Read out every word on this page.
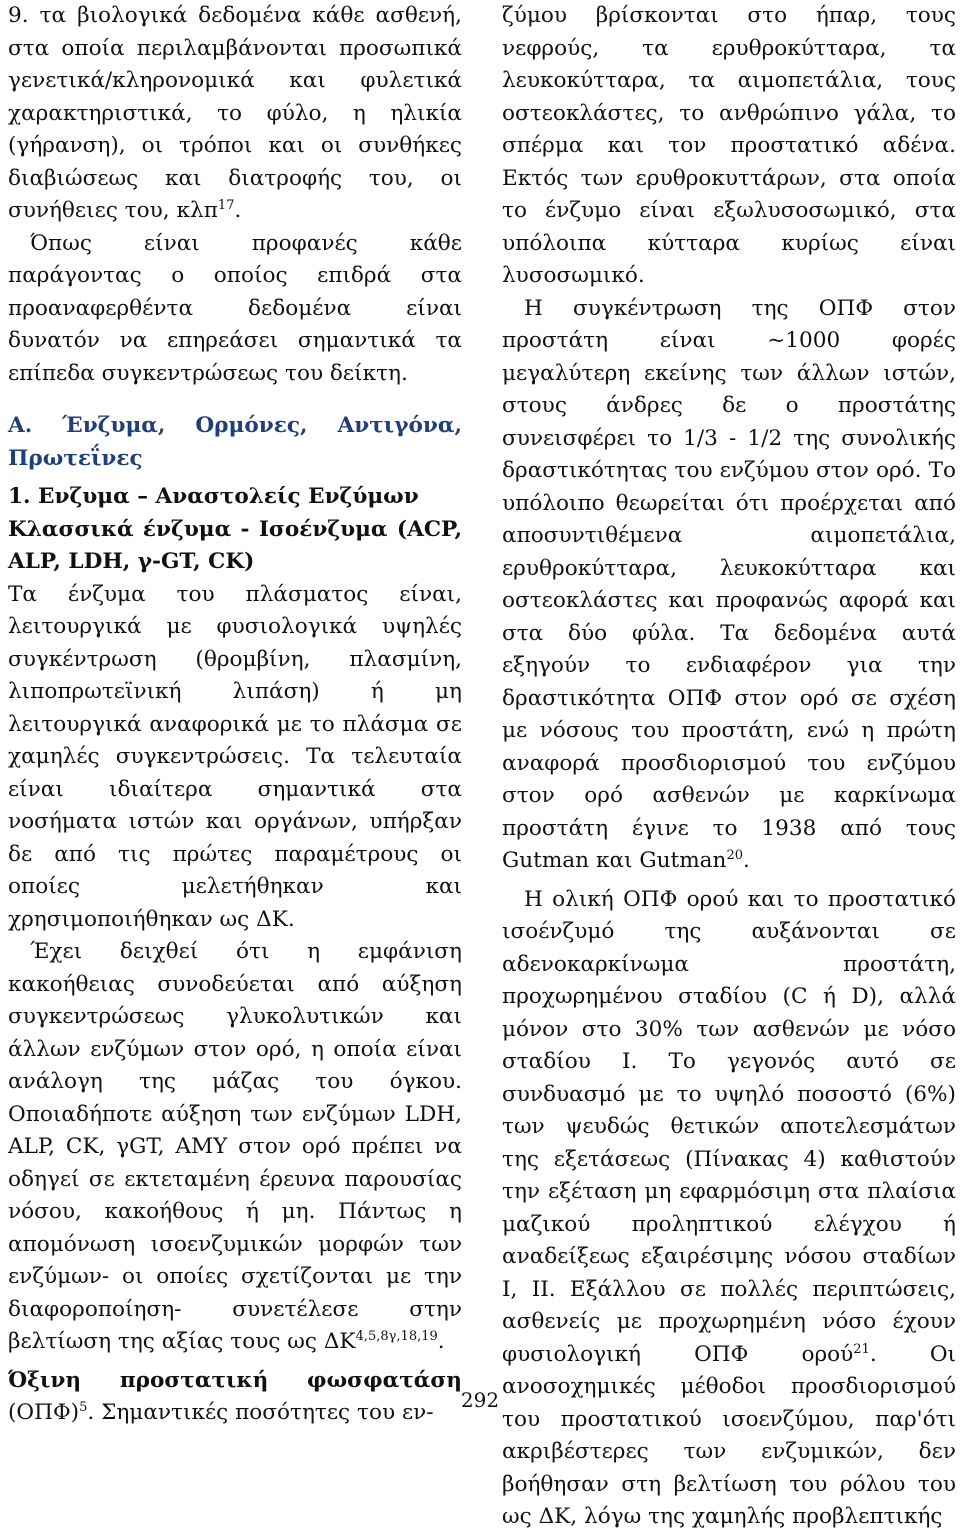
9. τα βιολογικά δεδομένα κάθε ασθενή, στα οποία περιλαμβάνονται προσωπικά γενετικά/κληρονομικά και φυλετικά χαρακτηριστικά, το φύλο, η ηλικία (γήρανση), οι τρόποι και οι συνθήκες διαβιώσεως και διατροφής του, οι συνήθειες του, κλπ$^{17}$.

Όπως είναι προφανές κάθε παράγοντας ο οποίος επιδρά στα προαναφερθέντα δεδομένα είναι δυνατόν να επηρεάσει σημαντικά τα επίπεδα συγκεντρώσεως του δείκτη.

Α. Ένζυμα, Ορμόνες, Αντιγόνα, Πρωτεΐνες

1. Ενζυμα – Αναστολείς Ενζύμων

Κλασσικά ένζυμα - Ισοένζυμα (ACP, ALP, LDH, γ-GT, CK)

Τα ένζυμα του πλάσματος είναι, λειτουργικά με φυσιολογικά υψηλές συγκέντρωση (θρομβίνη, πλασμίνη, λιποπρωτεϊνική λιπάση) ή μη λειτουργικά αναφορικά με το πλάσμα σε χαμηλές συγκεντρώσεις. Τα τελευταία είναι ιδιαίτερα σημαντικά στα νοσήματα ιστών και οργάνων, υπήρξαν δε από τις πρώτες παραμέτρους οι οποίες μελετήθηκαν και χρησιμοποιήθηκαν ως ΔΚ.

Έχει δειχθεί ότι η εμφάνιση κακοήθειας συνοδεύεται από αύξηση συγκεντρώσεως γλυκολυτικών και άλλων ενζύμων στον ορό, η οποία είναι ανάλογη της μάζας του όγκου. Οποιαδήποτε αύξηση των ενζύμων LDH, ALP, CK, γGT, AMY στον ορό πρέπει να οδηγεί σε εκτεταμένη έρευνα παρουσίας νόσου, κακοήθους ή μη. Πάντως η απομόνωση ισοενζυμικών μορφών των ενζύμων- οι οποίες σχετίζονται με την διαφοροποίηση- συνετέλεσε στην βελτίωση της αξίας τους ως $\Delta K^{4,5,8\gamma,18,19}$.

Όξινη προστατική φωσφατάση

$(O\Pi\Phi)^5$. Σημαντικές ποσότητες του εν-

ζύμου βρίσκονται στο ήπαρ, τους νεφρούς, τα ερυθροκύτταρα, τα λευκοκύτταρα, τα αιμοπετάλια, τους οστεοκλάστες, το ανθρώπινο γάλα, το σπέρμα και τον προστατικό αδένα. Εκτός των ερυθροκυττάρων, στα οποία το ένζυμο είναι εξωλυσοσωμικό, στα υπόλοιπα κύτταρα κυρίως είναι λυσοσωμικό.

Η συγκέντρωση της ΟΠΦ στον προστάτη είναι ~1000 φορές μεγαλύτερη εκείνης των άλλων ιστών, στους άνδρες δε ο προστάτης συνεισφέρει το 1/3 - 1/2 της συνολικής δραστικότητας του ενζύμου στον ορό. Το υπόλοιπο θεωρείται ότι προέρχεται από αποσυντιθέμενα αιμοπετάλια, ερυθροκύτταρα, λευκοκύτταρα και οστεοκλάστες και προφανώς αφορά και στα δύο φύλα. Τα δεδομένα αυτά εξηγούν το ενδιαφέρον για την δραστικότητα ΟΠΦ στον ορό σε σχέση με νόσους του προστάτη, ενώ η πρώτη αναφορά προσδιορισμού του ενζύμου στον ορό ασθενών με καρκίνωμα προστάτη έγινε το 1938 από τους Gutman και Gutman$^{20}$.

Η ολική ΟΠΦ ορού και το προστατικό ισοένζυμό της αυξάνονται σε αδενοκαρκίνωμα προστάτη, προχωρημένου σταδίου (C ή D), αλλά μόνον στο 30% των ασθενών με νόσο σταδίου Ι. Το γεγονός αυτό σε συνδυασμό με το υψηλό ποσοστό (6%) των ψευδώς θετικών αποτελεσμάτων της εξετάσεως (Πίνακας 4) καθιστούν την εξέταση μη εφαρμόσιμη στα πλαίσια μαζικού προληπτικού ελέγχου ή αναδείξεως εξαιρέσιμης νόσου σταδίων Ι, ΙΙ. Εξάλλου σε πολλές περιπτώσεις, ασθενείς με προχωρημένη νόσο έχουν φυσιολογική ΟΠΦ ορού$^{21}$. Οι ανοσοχημικές μέθοδοι προσδιορισμού του προστατικού ισοενζύμου, παρ'ότι ακριβέστερες των ενζυμικών, δεν βοήθησαν στη βελτίωση του ρόλου του ως ΔΚ, λόγω της χαμηλής προβλεπτικής

292
